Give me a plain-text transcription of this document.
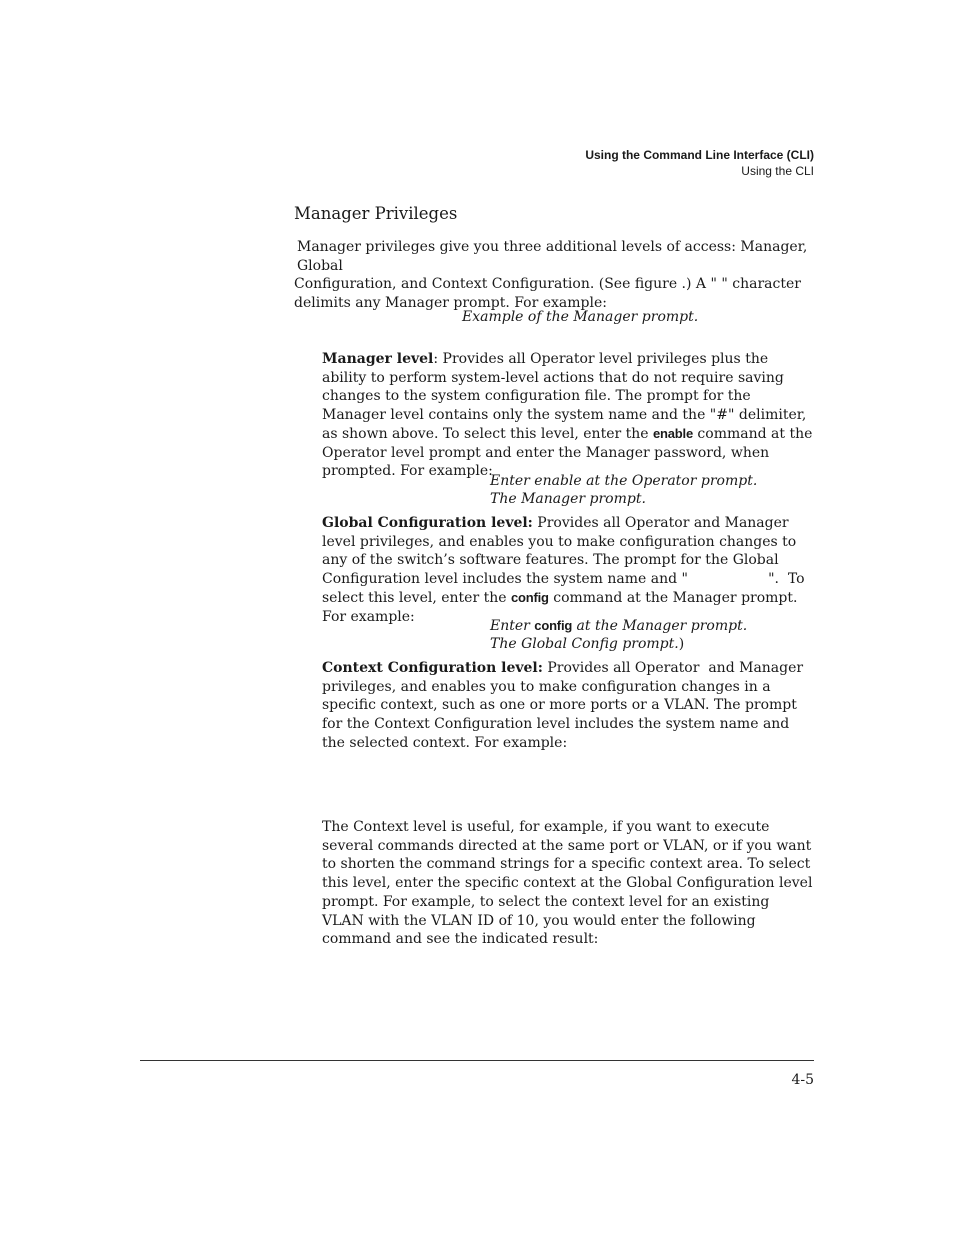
Using the Command Line Interface (CLI)
Using the CLI
Manager Privileges
Manager privileges give you three additional levels of access: Manager, Global
Configuration, and Context Configuration. (See figure .) A " " character
delimits any Manager prompt. For example:
Example of the Manager prompt.
Manager level: Provides all Operator level privileges plus the ability to perform system-level actions that do not require saving changes to the system configuration file. The prompt for the Manager level contains only the system name and the "#" delimiter, as shown above. To select this level, enter the enable command at the Operator level prompt and enter the Manager password, when prompted. For example:
Enter enable at the Operator prompt.
The Manager prompt.
Global Configuration level: Provides all Operator and Manager level privileges, and enables you to make configuration changes to any of the switch’s software features. The prompt for the Global Configuration level includes the system name and "                  ".  To select this level, enter the config command at the Manager prompt. For example:
Enter config at the Manager prompt.
The Global Config prompt.)
Context Configuration level: Provides all Operator  and Manager privileges, and enables you to make configuration changes in a specific context, such as one or more ports or a VLAN. The prompt for the Context Configuration level includes the system name and the selected context. For example:
The Context level is useful, for example, if you want to execute several commands directed at the same port or VLAN, or if you want to shorten the command strings for a specific context area. To select this level, enter the specific context at the Global Configuration level prompt. For example, to select the context level for an existing VLAN with the VLAN ID of 10, you would enter the following command and see the indicated result:
4-5
